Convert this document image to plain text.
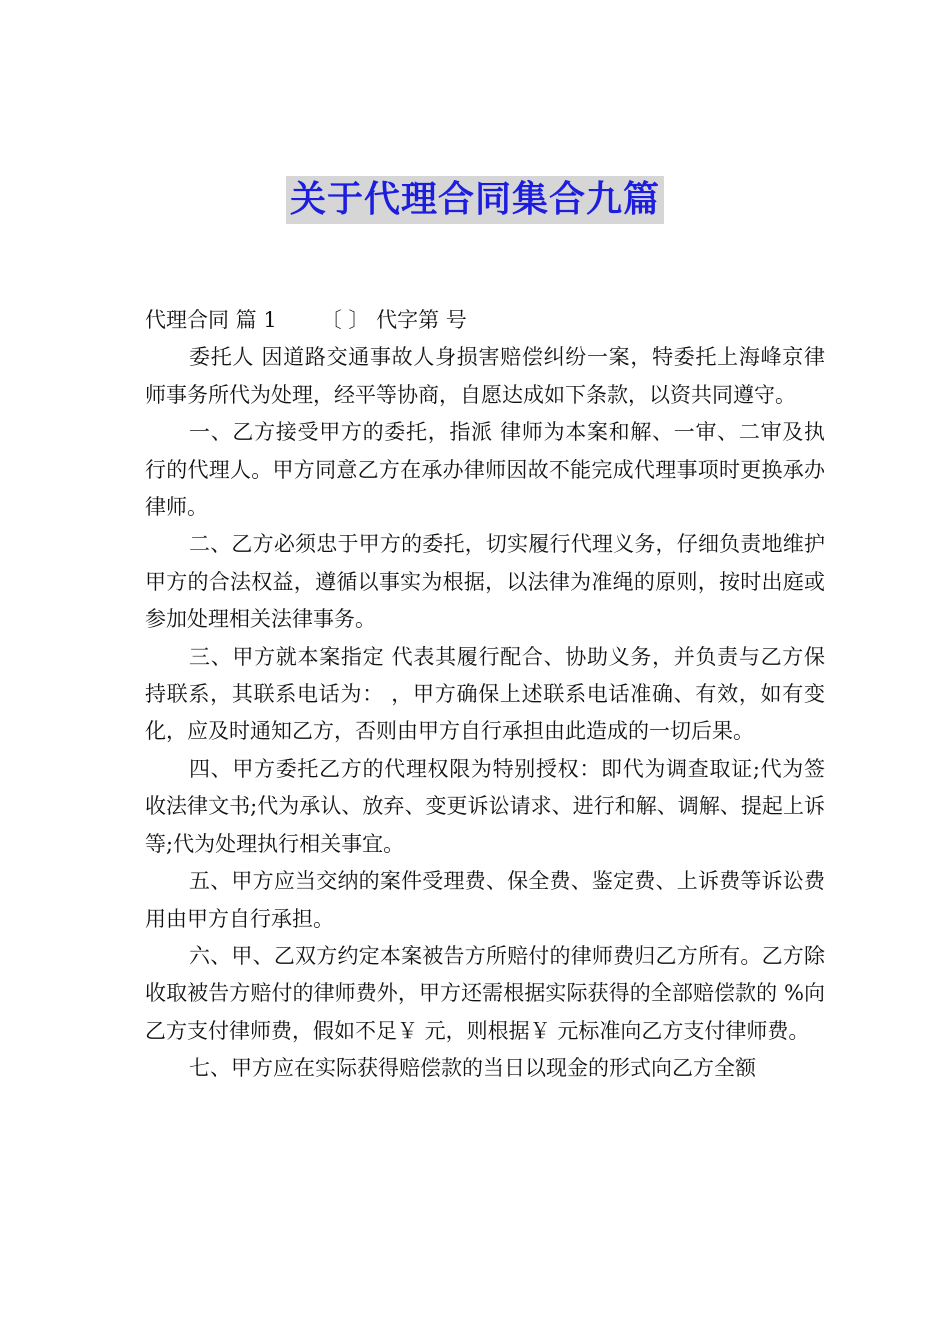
关于代理合同集合九篇

代理合同 篇 1 〔 〕 代字第 号

委托人 因道路交通事故人身损害赔偿纠纷一案，特委托上海峰京律师事务所代为处理，经平等协商，自愿达成如下条款，以资共同遵守。

一、乙方接受甲方的委托，指派 律师为本案和解、一审、二审及执行的代理人。甲方同意乙方在承办律师因故不能完成代理事项时更换承办律师。

二、乙方必须忠于甲方的委托，切实履行代理义务，仔细负责地维护甲方的合法权益，遵循以事实为根据，以法律为准绳的原则，按时出庭或参加处理相关法律事务。

三、甲方就本案指定 代表其履行配合、协助义务，并负责与乙方保持联系，其联系电话为： ，甲方确保上述联系电话准确、有效，如有变化，应及时通知乙方，否则由甲方自行承担由此造成的一切后果。

四、甲方委托乙方的代理权限为特别授权：即代为调查取证;代为签收法律文书;代为承认、放弃、变更诉讼请求、进行和解、调解、提起上诉等;代为处理执行相关事宜。

五、甲方应当交纳的案件受理费、保全费、鉴定费、上诉费等诉讼费用由甲方自行承担。

六、甲、乙双方约定本案被告方所赔付的律师费归乙方所有。乙方除收取被告方赔付的律师费外，甲方还需根据实际获得的全部赔偿款的 %向乙方支付律师费，假如不足￥ 元，则根据￥ 元标准向乙方支付律师费。

七、甲方应在实际获得赔偿款的当日以现金的形式向乙方全额
